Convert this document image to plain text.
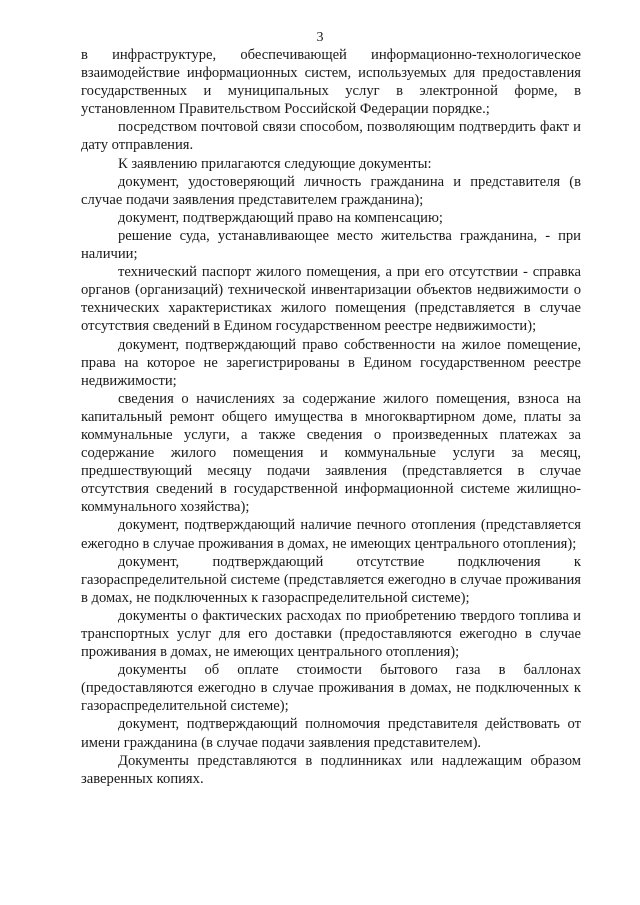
3

в инфраструктуре, обеспечивающей информационно-технологическое взаимодействие информационных систем, используемых для предоставления государственных и муниципальных услуг в электронной форме, в установленном Правительством Российской Федерации порядке.;

посредством почтовой связи способом, позволяющим подтвердить факт и дату отправления.

К заявлению прилагаются следующие документы:

документ, удостоверяющий личность гражданина и представителя (в случае подачи заявления представителем гражданина);

документ, подтверждающий право на компенсацию;

решение суда, устанавливающее место жительства гражданина, - при наличии;

технический паспорт жилого помещения, а при его отсутствии - справка органов (организаций) технической инвентаризации объектов недвижимости о технических характеристиках жилого помещения (представляется в случае отсутствия сведений в Едином государственном реестре недвижимости);

документ, подтверждающий право собственности на жилое помещение, права на которое не зарегистрированы в Едином государственном реестре недвижимости;

сведения о начислениях за содержание жилого помещения, взноса на капитальный ремонт общего имущества в многоквартирном доме, платы за коммунальные услуги, а также сведения о произведенных платежах за содержание жилого помещения и коммунальные услуги за месяц, предшествующий месяцу подачи заявления (представляется в случае отсутствия сведений в государственной информационной системе жилищно-коммунального хозяйства);

документ, подтверждающий наличие печного отопления (представляется ежегодно в случае проживания в домах, не имеющих центрального отопления);

документ, подтверждающий отсутствие подключения к газораспределительной системе (представляется ежегодно в случае проживания в домах, не подключенных к газораспределительной системе);

документы о фактических расходах по приобретению твердого топлива и транспортных услуг для его доставки (предоставляются ежегодно в случае проживания в домах, не имеющих центрального отопления);

документы об оплате стоимости бытового газа в баллонах (предоставляются ежегодно в случае проживания в домах, не подключенных к газораспределительной системе);

документ, подтверждающий полномочия представителя действовать от имени гражданина (в случае подачи заявления представителем).

Документы представляются в подлинниках или надлежащим образом заверенных копиях.
